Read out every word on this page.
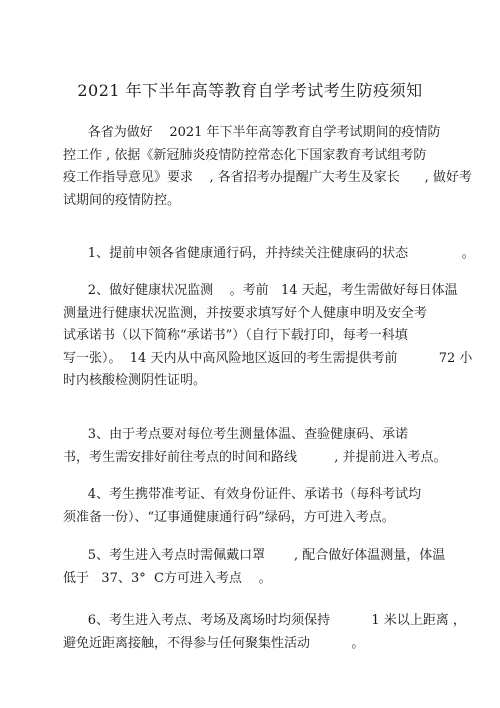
2021 年下半年高等教育自学考试考生防疫须知
各省为做好    2021 年下半年高等教育自学考试期间的疫情防
控工作 , 依据《新冠肺炎疫情防控常态化下国家教育考试组考防
疫工作指导意见》要求    , 各省招考办提醒广大考生及家长      , 做好考
试期间的疫情防控。
1、提前申领各省健康通行码，并持续关注健康码的状态             。
2、做好健康状况监测    。考前   14 天起，考生需做好每日体温
测量进行健康状况监测，并按要求填写好个人健康申明及安全考
试承诺书（以下简称“承诺书”）（自行下载打印，每考一科填
写一张）。  14 天内从中高风险地区返回的考生需提供考前          72 小
时内核酸检测阴性证明。
3、由于考点要对每位考生测量体温、查验健康码、承诺
书，考生需安排好前往考点的时间和路线         , 并提前进入考点。
4、考生携带准考证、有效身份证件、承诺书（每科考试均
须准备一份）、“辽事通健康通行码”绿码，方可进入考点。
5、考生进入考点时需佩戴口罩       , 配合做好体温测量，体温
低于   37、3°  C方可进入考点    。
6、考生进入考点、考场及离场时均须保持          1 米以上距离 ，
避免近距离接触，不得参与任何聚集性活动          。
